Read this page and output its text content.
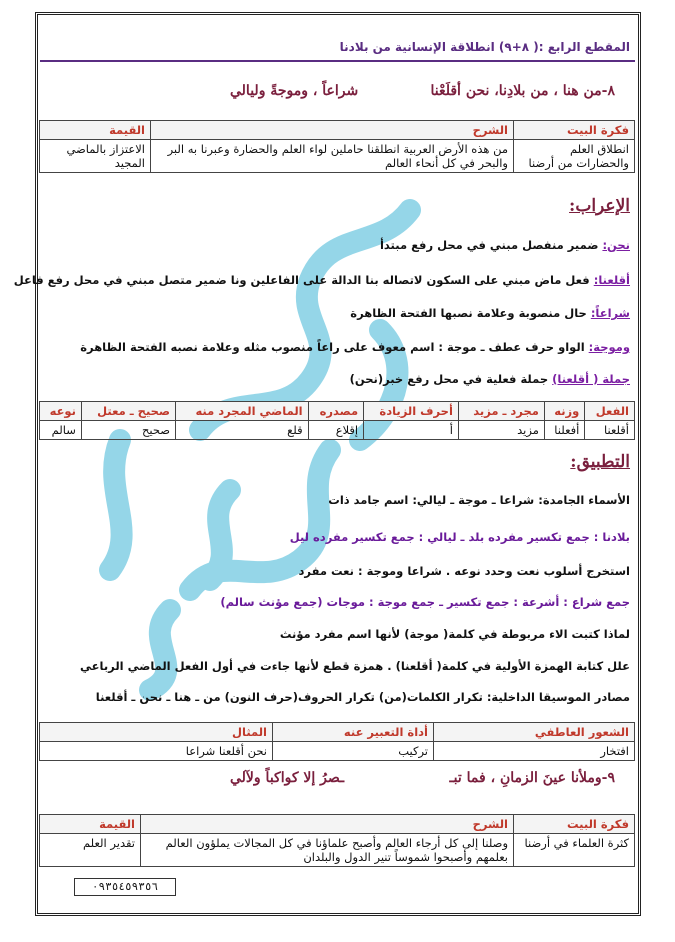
المقطع الرابع :( ٨+٩) انطلاقة الإنسانية من بلادنا
٨-من هنا ، من بلادِنا، نحن أقلَعْنا
شراعاً ، وموجةً وليالي
فكرة البيت	الشرح	القيمة
انطلاق العلم والحضارات من أرضنا	من هذه الأرض العربية انطلقنا حاملين لواء العلم والحضارة وعبرنا به البر والبحر في كل أنحاء العالم	الاعتزاز بالماضي المجيد
الإعراب:
نحن: ضمير منفصل مبني في محل رفع مبتدأ
أقلعنا: فعل ماض مبني على السكون لاتصاله بنا الدالة على الفاعلين ونا ضمير متصل مبني في محل رفع فاعل
شراعاً: حال منصوبة وعلامة نصبها الفتحة الظاهرة
وموجة: الواو حرف عطف ـ موجة : اسم معوف على راعاً منصوب مثله وعلامة نصبه الفتحة الظاهرة
جملة ( أقلعنا) جملة فعلية في محل رفع خبر(نحن)
الفعل	وزنه	مجرد ـ مزيد	أحرف الزيادة	مصدره	الماضي المجرد منه	صحيح ـ معتل	نوعه
أقلعنا	أفعلنا	مزيد	أ	إقلاع	قلع	صحيح	سالم
التطبيق:
الأسماء الجامدة: شراعا ـ موجة ـ ليالي: اسم جامد ذات
بلادنا : جمع تكسير مفرده بلد ـ ليالي : جمع تكسير مفرده ليل
استخرج أسلوب نعت وحدد نوعه . شراعا وموجة : نعت مفرد
جمع شراع : أشرعة : جمع تكسير ـ جمع موجة : موجات (جمع مؤنث سالم)
لماذا كتبت الاء مربوطة في كلمة( موجة) لأنها اسم مفرد مؤنث
علل كتابة الهمزة الأولية في كلمة( أقلعنا) . همزة قطع لأنها جاءت في أول الفعل الماضي الرباعي
مصادر الموسيقا الداخلية: تكرار الكلمات(من) تكرار الحروف(حرف النون) من ـ هنا ـ نحن ـ أقلعنا
الشعور العاطفي	أداة التعبير عنه	المثال
افتخار	تركيب	نحن أقلعنا شراعا
٩-وملأنا عينَ الزمانِ ، فما تبـ
ـصرُ إلا كواكباً ولآلي
فكرة البيت	الشرح	القيمة
كثرة العلماء في أرضنا	وصلنا إلى كل أرجاء العالم وأصبح علماؤنا في كل المجالات يملؤون العالم بعلمهم وأصبحوا شموساً تنير الدول والبلدان	تقدير العلم
٠٩٣٥٤٥٩٣٥٦
